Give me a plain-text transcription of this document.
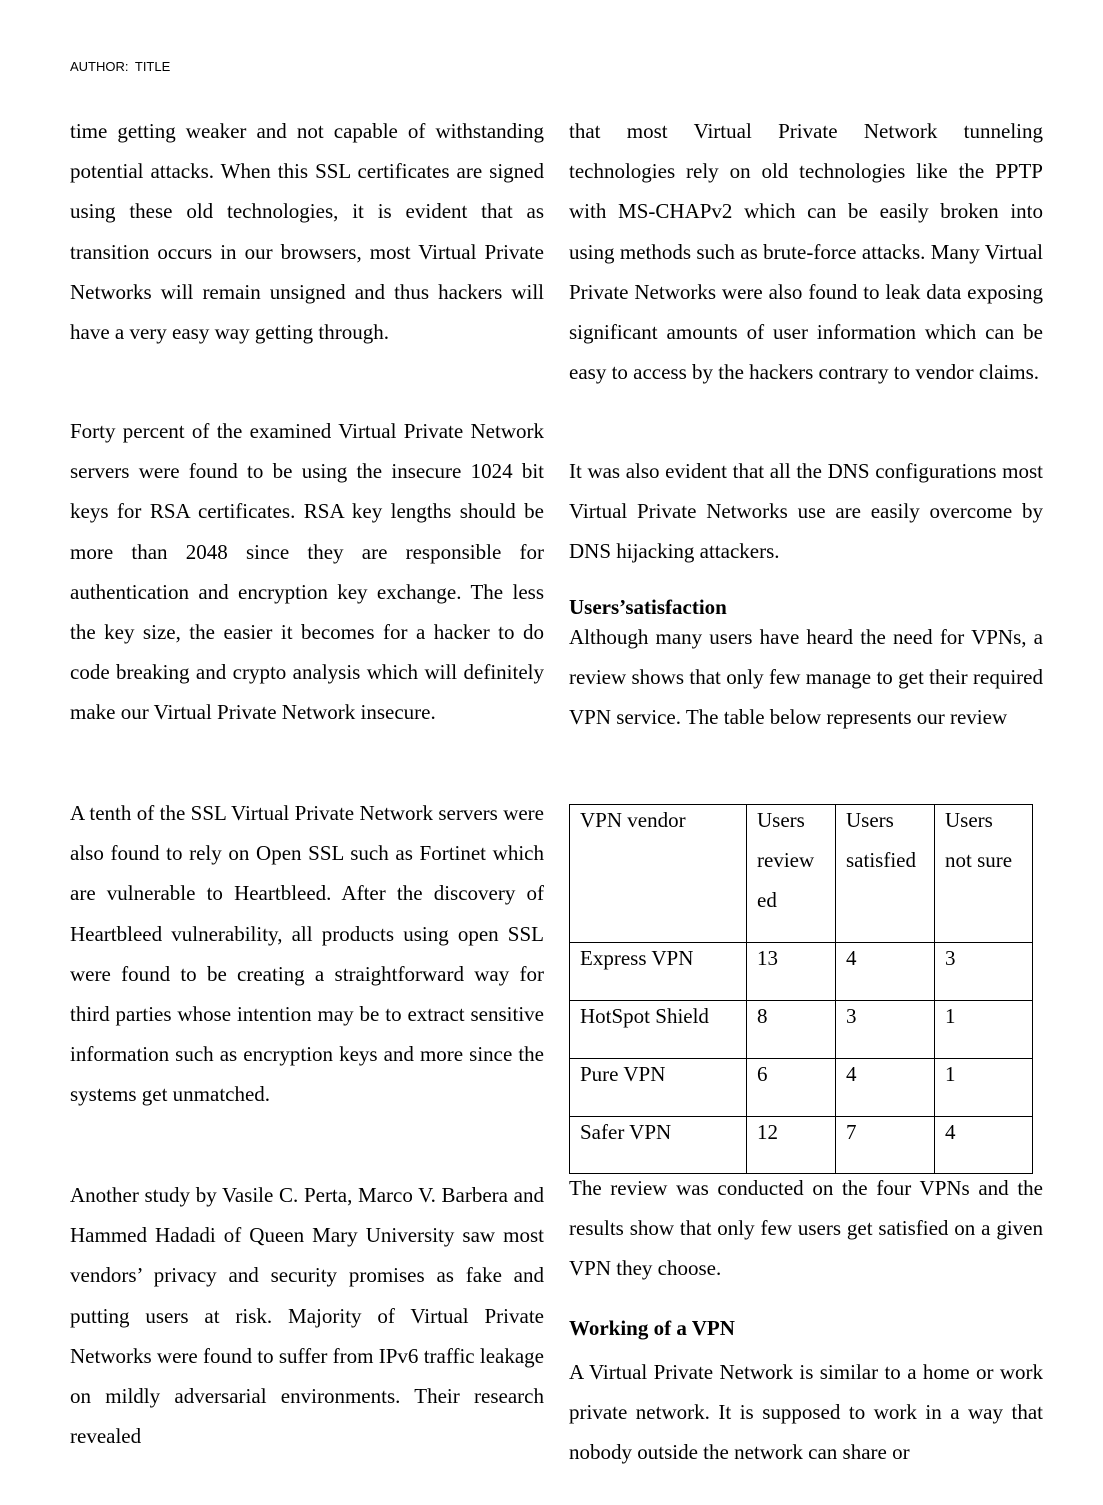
AUTHOR: TITLE

time getting weaker and not capable of withstanding potential attacks. When this SSL certificates are signed using these old technologies, it is evident that as transition occurs in our browsers, most Virtual Private Networks will remain unsigned and thus hackers will have a very easy way getting through.

Forty percent of the examined Virtual Private Network servers were found to be using the insecure 1024 bit keys for RSA certificates. RSA key lengths should be more than 2048 since they are responsible for authentication and encryption key exchange. The less the key size, the easier it becomes for a hacker to do code breaking and crypto analysis which will definitely make our Virtual Private Network insecure.

A tenth of the SSL Virtual Private Network servers were also found to rely on Open SSL such as Fortinet which are vulnerable to Heartbleed. After the discovery of Heartbleed vulnerability, all products using open SSL were found to be creating a straightforward way for third parties whose intention may be to extract sensitive information such as encryption keys and more since the systems get unmatched.

Another study by Vasile C. Perta, Marco V. Barbera and Hammed Hadadi of Queen Mary University saw most vendors’ privacy and security promises as fake and putting users at risk. Majority of Virtual Private Networks were found to suffer from IPv6 traffic leakage on mildly adversarial environments. Their research revealed

that most Virtual Private Network tunneling technologies rely on old technologies like the PPTP with MS-CHAPv2 which can be easily broken into using methods such as brute-force attacks. Many Virtual Private Networks were also found to leak data exposing significant amounts of user information which can be easy to access by the hackers contrary to vendor claims.

It was also evident that all the DNS configurations most Virtual Private Networks use are easily overcome by DNS hijacking attackers.

Users’satisfaction

Although many users have heard the need for VPNs, a review shows that only few manage to get their required VPN service. The table below represents our review

VPN vendor	Users review ed	Users satisfied	Users not sure

Express VPN	13	4	3

HotSpot Shield	8	3	1

Pure VPN	6	4	1

Safer VPN	12	7	4

The review was conducted on the four VPNs and the results show that only few users get satisfied on a given VPN they choose.

Working of a VPN

A Virtual Private Network is similar to a home or work private network. It is supposed to work in a way that nobody outside the network can share or
